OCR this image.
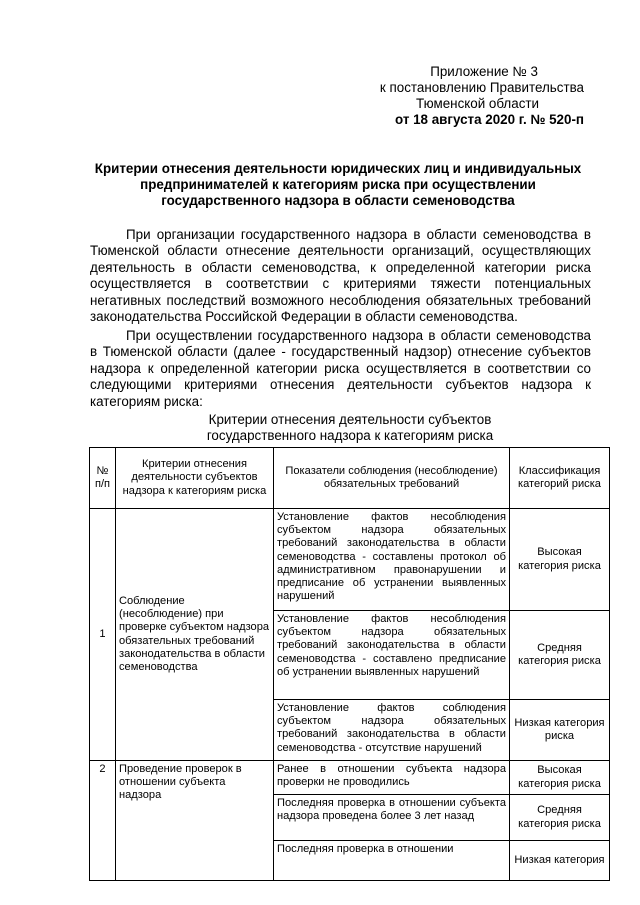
Приложение № 3
к постановлению Правительства
Тюменской области
от 18 августа 2020 г. № 520-п
Критерии отнесения деятельности юридических лиц и индивидуальных предпринимателей к категориям риска при осуществлении государственного надзора в области семеноводства
При организации государственного надзора в области семеноводства в Тюменской области отнесение деятельности организаций, осуществляющих деятельность в области семеноводства, к определенной категории риска осуществляется в соответствии с критериями тяжести потенциальных негативных последствий возможного несоблюдения обязательных требований законодательства Российской Федерации в области семеноводства.
При осуществлении государственного надзора в области семеноводства в Тюменской области (далее - государственный надзор) отнесение субъектов надзора к определенной категории риска осуществляется в соответствии со следующими критериями отнесения деятельности субъектов надзора к категориям риска:
Критерии отнесения деятельности субъектов государственного надзора к категориям риска
№ п/п	Критерии отнесения деятельности субъектов надзора к категориям риска	Показатели соблюдения (несоблюдение) обязательных требований	Классификация категорий риска
1	Соблюдение (несоблюдение) при проверке субъектом надзора обязательных требований законодательства в области семеноводства	Установление фактов несоблюдения субъектом надзора обязательных требований законодательства в области семеноводства - составлены протокол об административном правонарушении и предписание об устранении выявленных нарушений	Высокая категория риска
		Установление фактов несоблюдения субъектом надзора обязательных требований законодательства в области семеноводства - составлено предписание об устранении выявленных нарушений	Средняя категория риска
		Установление фактов соблюдения субъектом надзора обязательных требований законодательства в области семеноводства - отсутствие нарушений	Низкая категория риска
2	Проведение проверок в отношении субъекта надзора	Ранее в отношении субъекта надзора проверки не проводились	Высокая категория риска
		Последняя проверка в отношении субъекта надзора проведена более 3 лет назад	Средняя категория риска
		Последняя проверка в отношении	Низкая категория
